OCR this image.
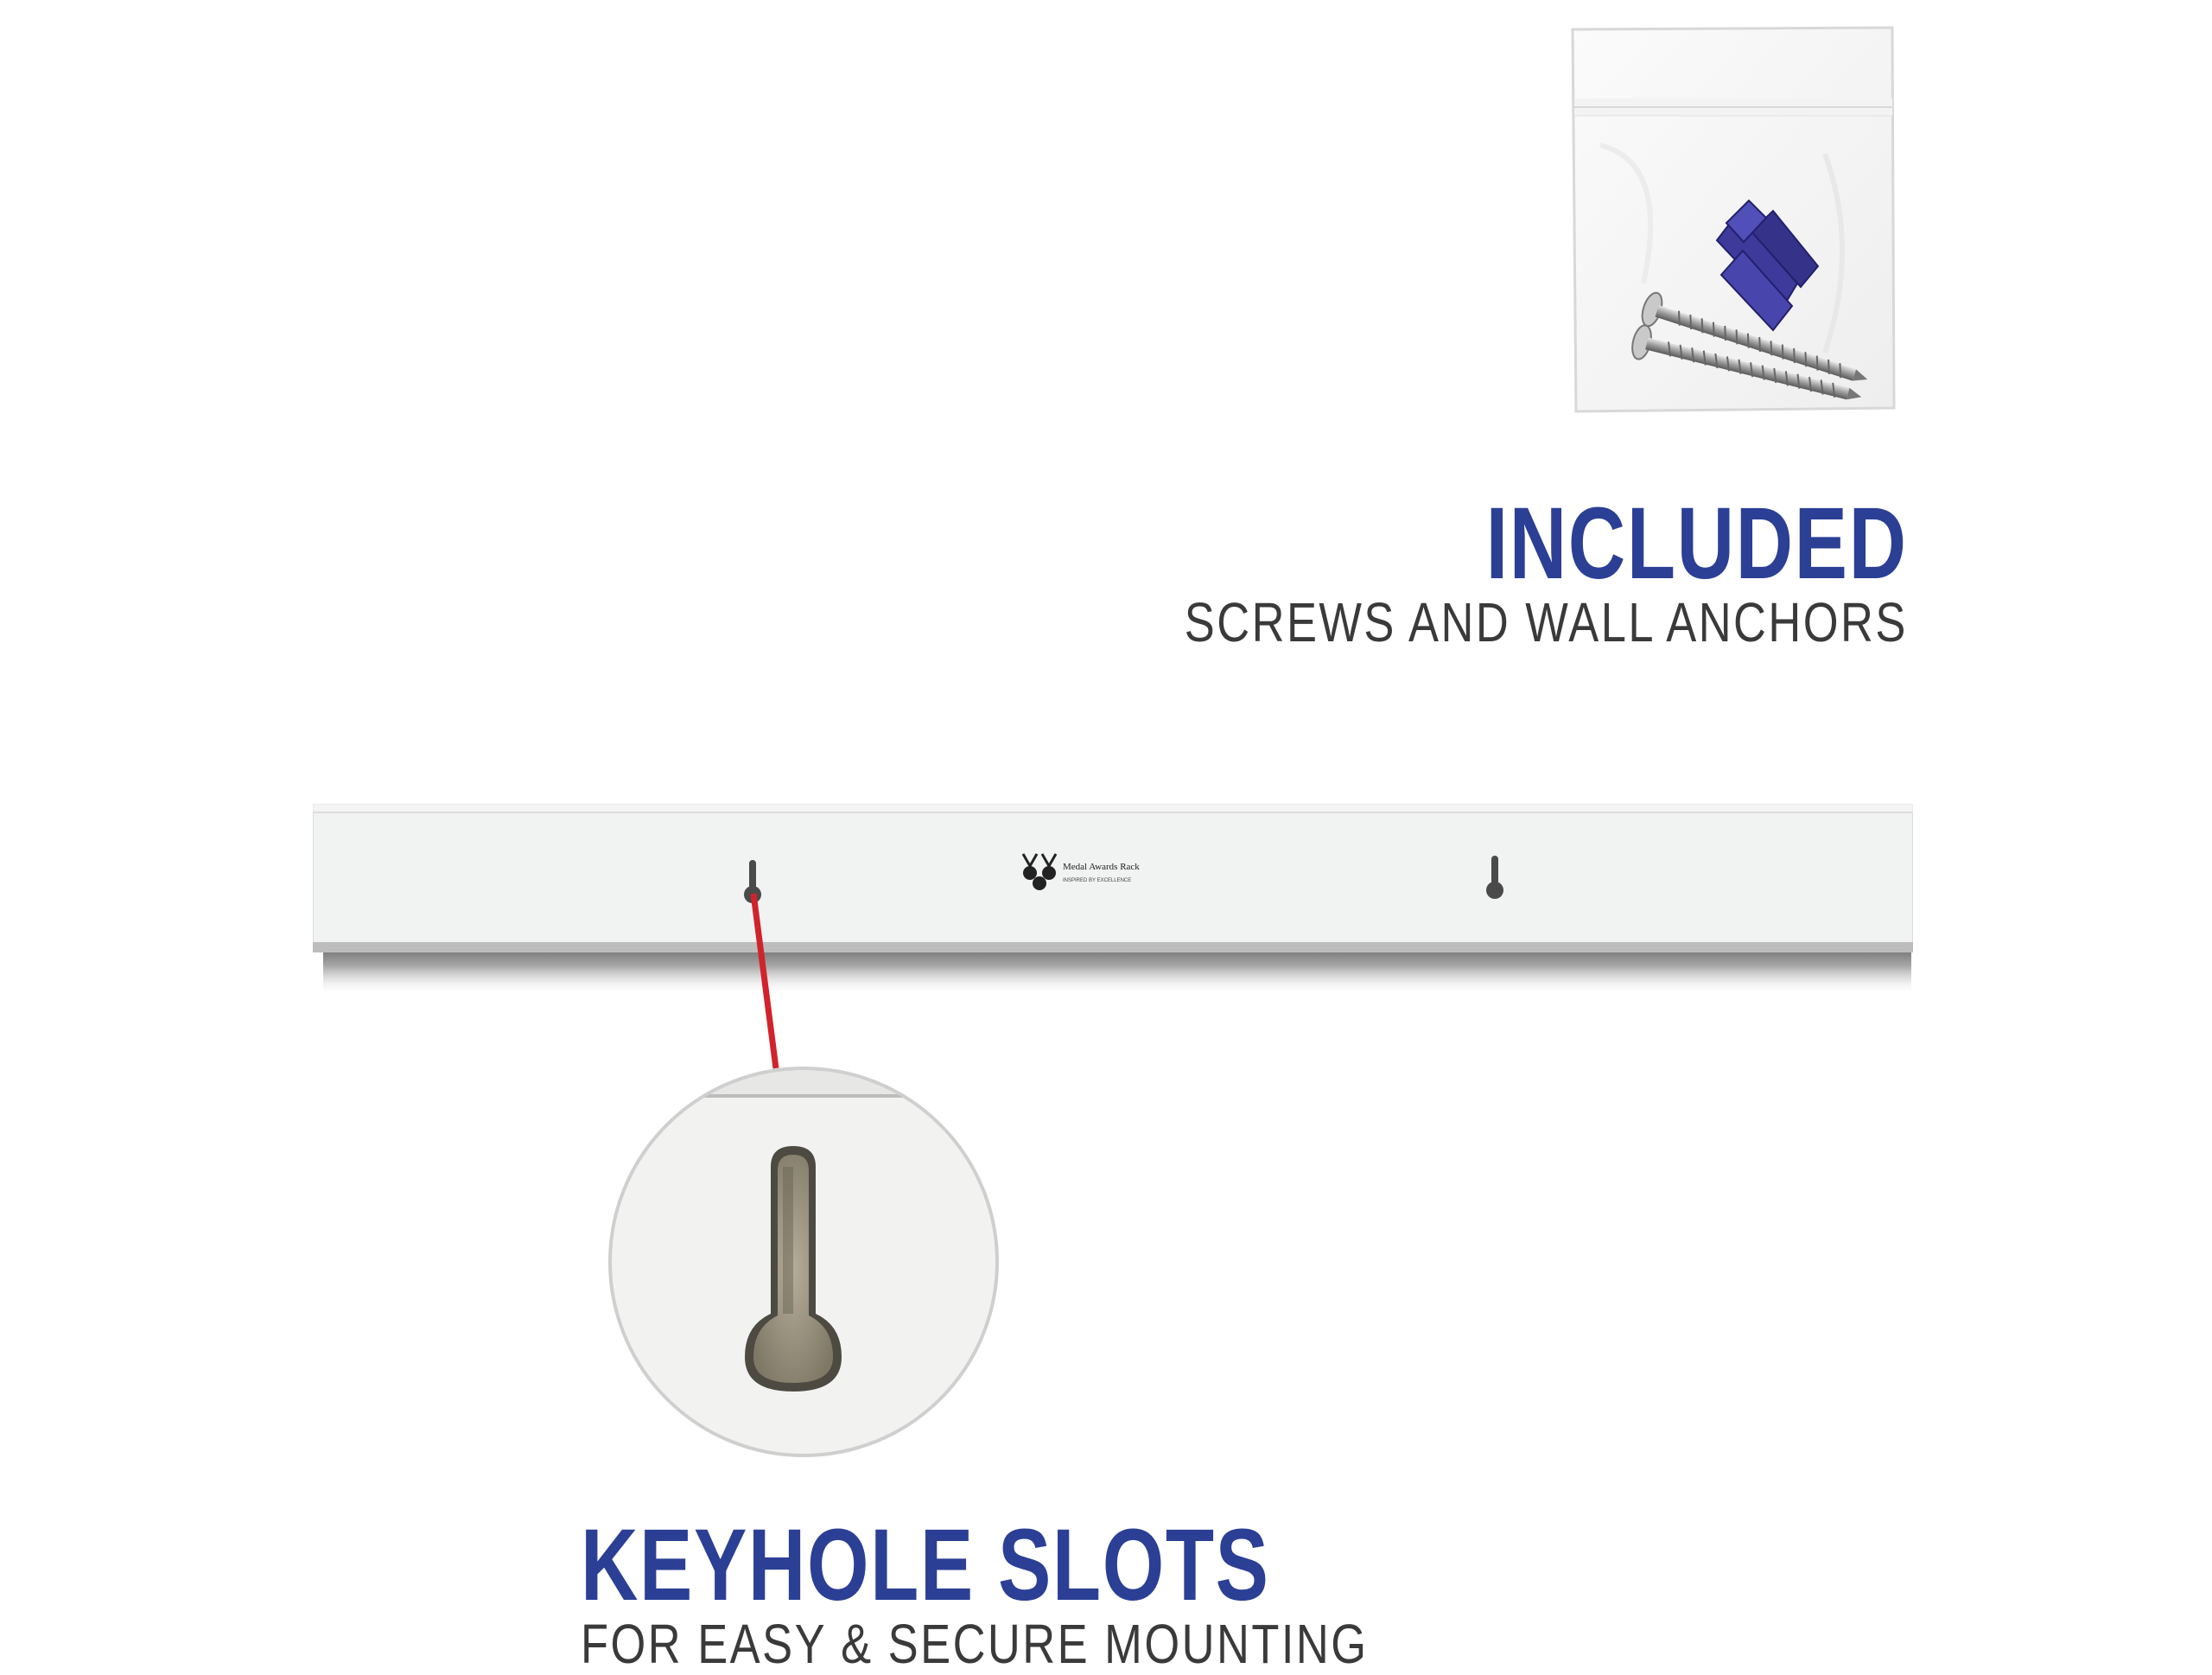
INCLUDED
SCREWS AND WALL ANCHORS
Medal Awards Rack
INSPIRED BY EXCELLENCE
KEYHOLE SLOTS
FOR EASY & SECURE MOUNTING
